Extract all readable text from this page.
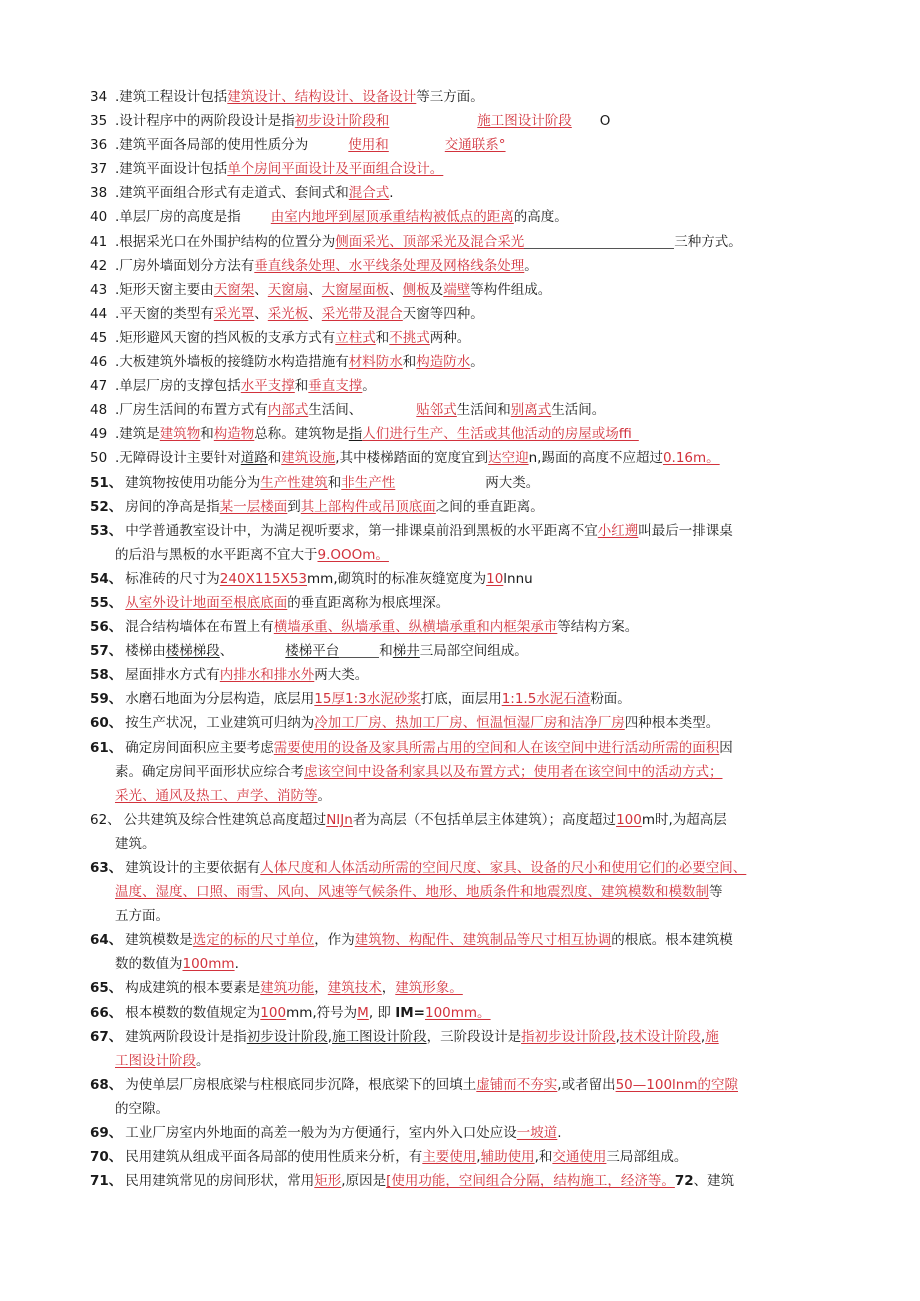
34 .建筑工程设计包括建筑设计、结构设计、设备设计等三方面。
35 .设计程序中的两阶段设计是指初步设计阶段和	施工图设计阶段 O
36 .建筑平面各局部的使用性质分为	使用和	交通联系°
37 .建筑平面设计包括单个房间平面设计及平面组合设计。
38 .建筑平面组合形式有走道式、套间式和混合式.
40 .单层厂房的高度是指 由室内地坪到屋顶承重结构被低点的距离的高度。
41 .根据采光口在外围护结构的位置分为侧面采光、顶部采光及混合采光	三种方式。
42 .厂房外墙面划分方法有垂直线条处理、水平线条处理及网格线条处理。
43 .矩形天窗主要由天窗架、天窗扇、大窗屋面板、侧板及端壁等构件组成。
44 .平天窗的类型有采光罩、采光板、采光带及混合天窗等四种。
45 .矩形避风天窗的挡风板的支承方式有立柱式和不挑式两种。
46 .大板建筑外墙板的接缝防水构造措施有材料防水和构造防水。
47 .单层厂房的支撑包括水平支撑和垂直支撑。
48 .厂房生活间的布置方式有内部式生活间、	贴邻式生活间和别离式生活间。
49 .建筑是建筑物和构造物总称。建筑物是指人们进行生产、生活或其他活动的房屋或场ffi_
50 .无障碍设计主要针对道路和建筑设施,其中楼梯踏面的宽度宜到达空迎n,踢面的高度不应超过0.16m。
51、 建筑物按使用功能分为生产性建筑和非生产性	两大类。
52、 房间的净高是指某一层楼面到其上部构件或吊顶底面之间的垂直距离。
53、 中学普通教室设计中，为满足视听要求，第一排课桌前沿到黑板的水平距离不宜小红遡叫最后一排课桌
的后沿与黑板的水平距离不宜大于9.OOOm。
54、 标准砖的尺寸为240X115X53mm,砌筑时的标准灰缝宽度为10lnnu
55、 从室外设计地面至根底底面的垂直距离称为根底埋深。
56、 混合结构墙体在布置上有横墙承重、纵墙承重、纵横墙承重和内框架承市等结构方案。
57、 楼梯由楼梯梯段、	楼梯平台	和梯井三局部空间组成。
58、 屋面排水方式有内排水和排水外两大类。
59、 水磨石地面为分层构造，底层用15厚1:3水泥砂浆打底，面层用1:1.5水泥石渣粉面。
60、 按生产状况，工业建筑可归纳为冷加工厂房、热加工厂房、恒温恒湿厂房和洁净厂房四种根本类型。
61、 确定房间面积应主要考虑需要使用的设备及家具所需占用的空间和人在该空间中进行活动所需的面积因
素。确定房间平面形状应综合考虑该空间中设备利家具以及布置方式；使用者在该空间中的活动方式；
采光、通风及热工、声学、消防等。
62、 公共建筑及综合性建筑总高度超过NIJn者为高层（不包括单层主体建筑）；高度超过100m时,为超高层
建筑。
63、 建筑设计的主要依据有人体尺度和人体活动所需的空间尺度、家具、设备的尺小和使用它们的必要空间、
温度、湿度、口照、雨雪、风向、风速等气候条件、地形、地质条件和地震烈度、建筑模数和模数制等
五方面。
64、 建筑模数是选定的标的尺寸单位，作为建筑物、构配件、建筑制品等尺寸相互协调的根底。根本建筑模
数的数值为100mm.
65、 构成建筑的根本要素是建筑功能，建筑技术，建筑形象。
66、 根本模数的数值规定为100mm,符号为M, 即 IM=100mm。
67、 建筑两阶段设计是指初步设计阶段,施工图设计阶段，三阶段设计是指初步设计阶段,技术设计阶段,施
工图设计阶段。
68、 为使单层厂房根底梁与柱根底同步沉降，根底梁下的回填土虚铺而不夯实,或者留出50—100lnm的空隙
的空隙。
69、 工业厂房室内外地面的高差一般为为方便通行，室内外入口处应设一坡道.
70、 民用建筑从组成平面各局部的使用性质来分析，有主要使用,辅助使用,和交通使用三局部组成。
71、 民用建筑常见的房间形状，常用矩形,原因是[使用功能，空间组合分隔，结构施工，经济等。72、建筑
